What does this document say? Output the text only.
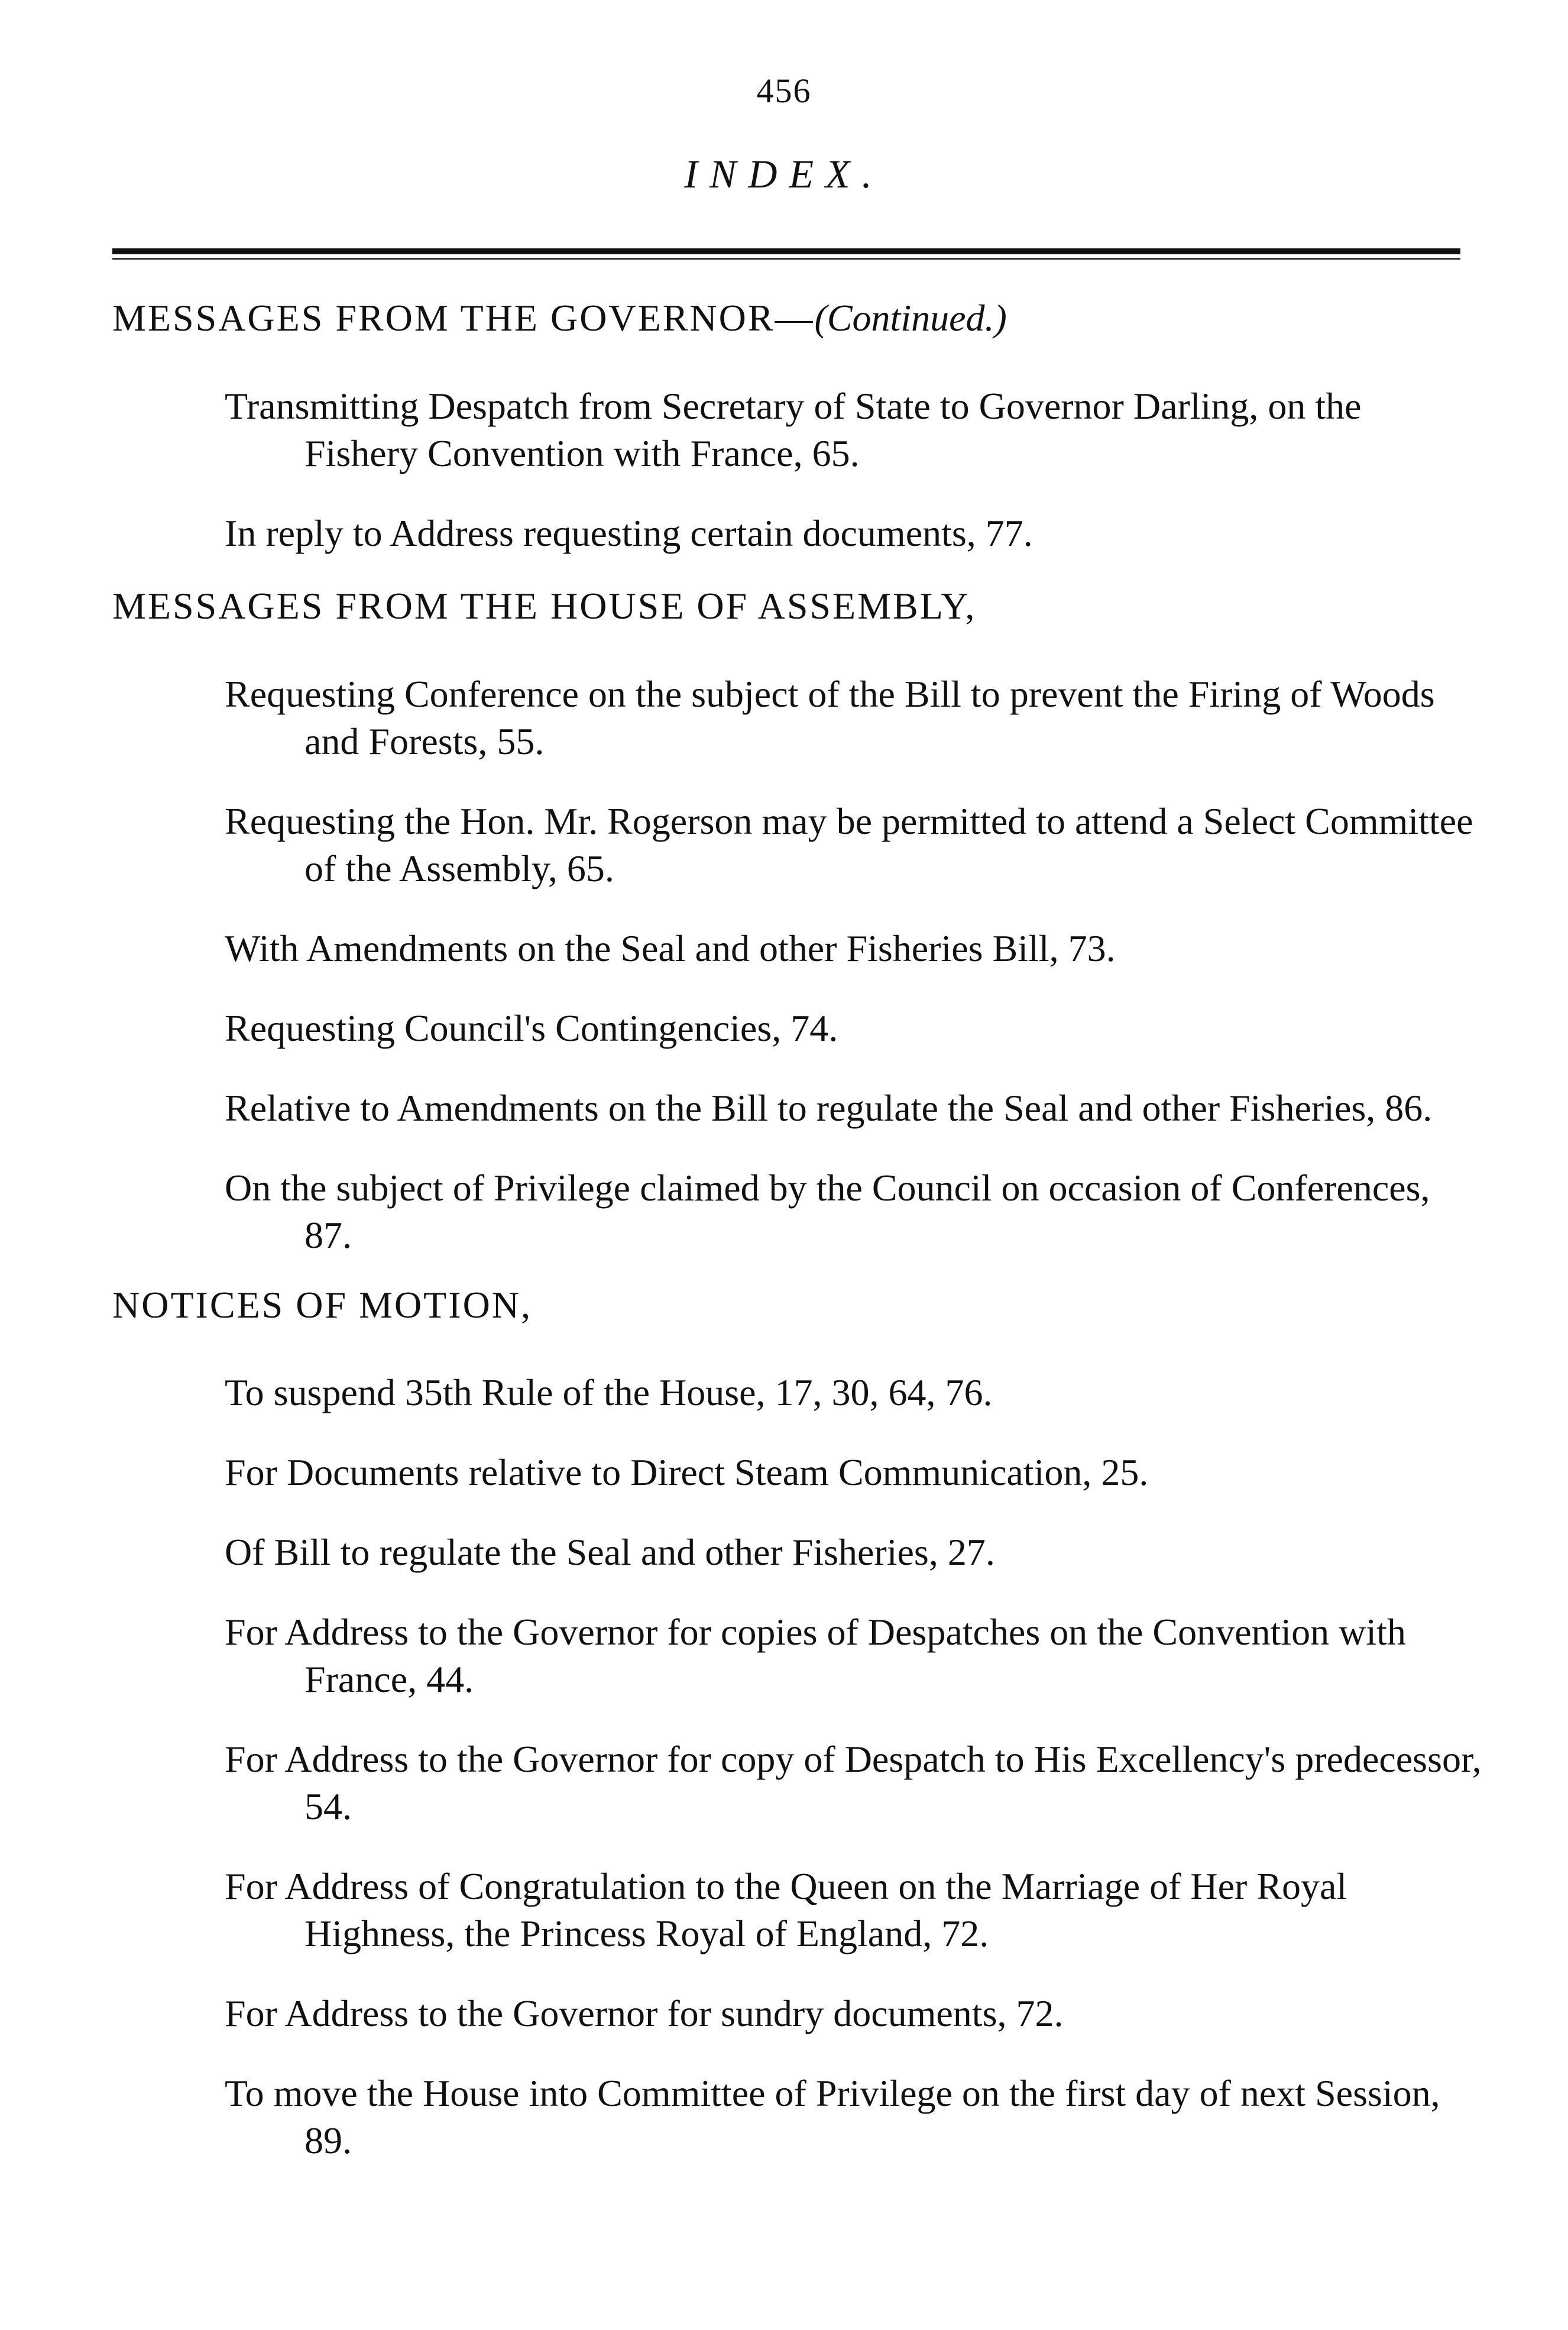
456
INDEX.
MESSAGES FROM THE GOVERNOR—(Continued.)
Transmitting Despatch from Secretary of State to Governor Darling, on the Fishery Convention with France, 65.
In reply to Address requesting certain documents, 77.
MESSAGES FROM THE HOUSE OF ASSEMBLY,
Requesting Conference on the subject of the Bill to prevent the Firing of Woods and Forests, 55.
Requesting the Hon. Mr. Rogerson may be permitted to attend a Select Committee of the Assembly, 65.
With Amendments on the Seal and other Fisheries Bill, 73.
Requesting Council's Contingencies, 74.
Relative to Amendments on the Bill to regulate the Seal and other Fisheries, 86.
On the subject of Privilege claimed by the Council on occasion of Conferences, 87.
NOTICES OF MOTION,
To suspend 35th Rule of the House, 17, 30, 64, 76.
For Documents relative to Direct Steam Communication, 25.
Of Bill to regulate the Seal and other Fisheries, 27.
For Address to the Governor for copies of Despatches on the Convention with France, 44.
For Address to the Governor for copy of Despatch to His Excellency's predecessor, 54.
For Address of Congratulation to the Queen on the Marriage of Her Royal Highness, the Princess Royal of England, 72.
For Address to the Governor for sundry documents, 72.
To move the House into Committee of Privilege on the first day of next Session, 89.
